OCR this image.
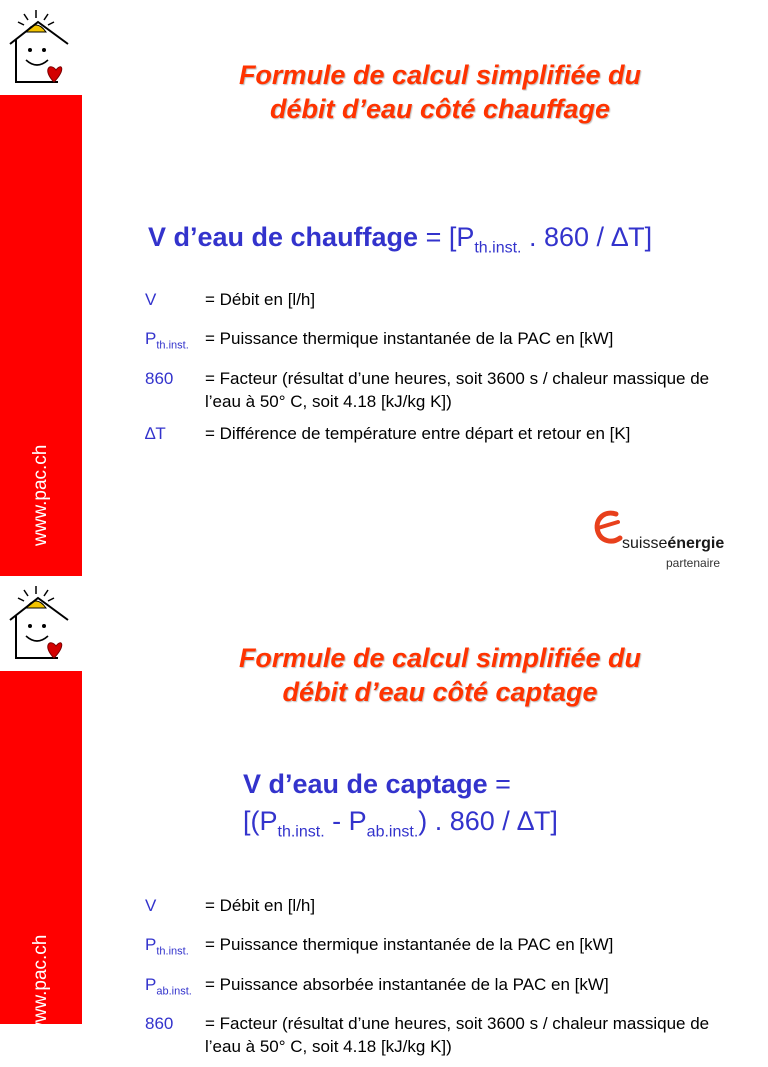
www.pac.ch
Formule de calcul simplifiée du
débit d’eau côté chauffage
V d’eau de chauffage = [$P_{th.inst.}$ . 860 / ∆T]
V	= Débit en [l/h]
$P_{th.inst.}$ = Puissance thermique instantanée de la PAC en [kW]
860	= Facteur (résultat d’une heures, soit 3600 s / chaleur massique de l’eau à 50° C, soit 4.18 [kJ/kg K])
∆T	= Différence de température entre départ et retour en [K]
suisseénergie
partenaire
www.pac.ch
Formule de calcul simplifiée du
débit d’eau côté captage
V d’eau de captage =
[$(P_{th.inst.} - P_{ab.inst.})$ . 860 / ∆T]
V	= Débit en [l/h]
$P_{th.inst.}$ = Puissance thermique instantanée de la PAC en [kW]
$P_{ab.inst.}$ = Puissance absorbée instantanée de la PAC en [kW]
860	= Facteur (résultat d’une heures, soit 3600 s / chaleur massique de l’eau à 50° C, soit 4.18 [kJ/kg K])
